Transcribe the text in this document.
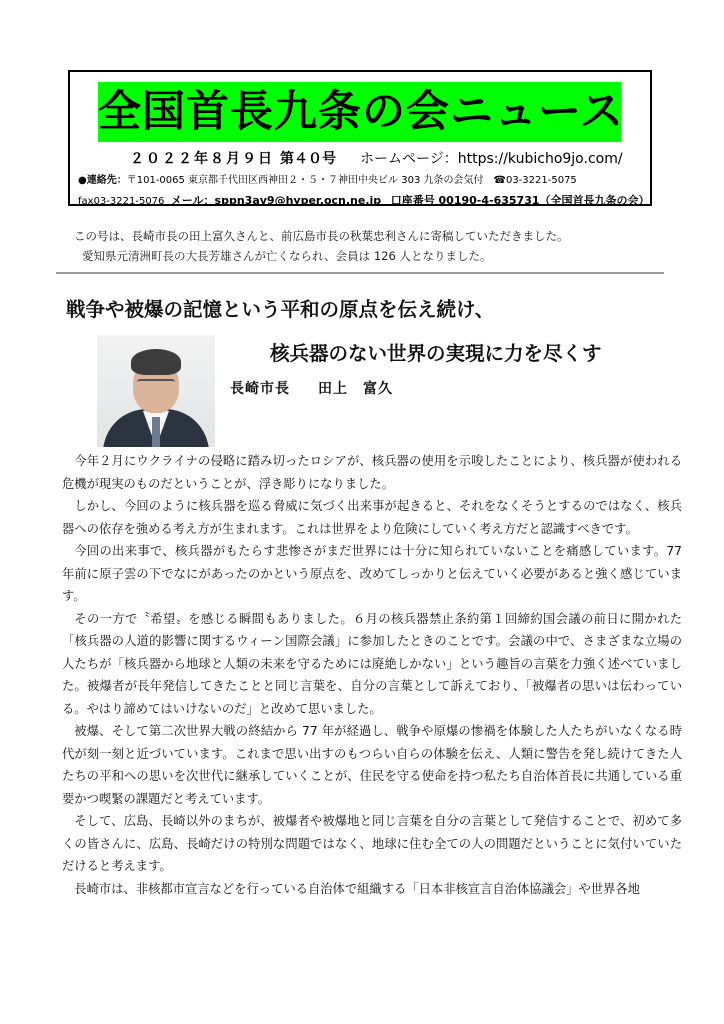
全国首長九条の会ニュース
２０２２年８月９日 第４０号 ホームページ：https://kubicho9jo.com/
●連絡先：〒101-0065 東京都千代田区西神田２・５・７神田中央ビル 303 九条の会気付　☎03-3221-5075
fax03-3221-5076 メール：sppn3av9@hyper.ocn.ne.jp 口座番号 00190-4-635731（全国首長九条の会）
この号は、長崎市長の田上富久さんと、前広島市長の秋葉忠利さんに寄稿していただきました。
愛知県元清洲町長の大長芳雄さんが亡くなられ、会員は 126 人となりました。
戦争や被爆の記憶という平和の原点を伝え続け、
核兵器のない世界の実現に力を尽くす
長崎市長 田上　富久

今年２月にウクライナの侵略に踏み切ったロシアが、核兵器の使用を示唆したことにより、核兵器が使われる危機が現実のものだということが、浮き彫りになりました。

しかし、今回のように核兵器を巡る脅威に気づく出来事が起きると、それをなくそうとするのではなく、核兵器への依存を強める考え方が生まれます。これは世界をより危険にしていく考え方だと認識すべきです。

今回の出来事で、核兵器がもたらす悲惨さがまだ世界には十分に知られていないことを痛感しています。77 年前に原子雲の下でなにがあったのかという原点を、改めてしっかりと伝えていく必要があると強く感じています。

その一方で〝希望〟を感じる瞬間もありました。６月の核兵器禁止条約第１回締約国会議の前日に開かれた「核兵器の人道的影響に関するウィーン国際会議」に参加したときのことです。会議の中で、さまざまな立場の人たちが「核兵器から地球と人類の未来を守るためには廃絶しかない」という趣旨の言葉を力強く述べていました。被爆者が長年発信してきたことと同じ言葉を、自分の言葉として訴えており、「被爆者の思いは伝わっている。やはり諦めてはいけないのだ」と改めて思いました。

被爆、そして第二次世界大戦の終結から 77 年が経過し、戦争や原爆の惨禍を体験した人たちがいなくなる時代が刻一刻と近づいています。これまで思い出すのもつらい自らの体験を伝え、人類に警告を発し続けてきた人たちの平和への思いを次世代に継承していくことが、住民を守る使命を持つ私たち自治体首長に共通している重要かつ喫緊の課題だと考えています。

そして、広島、長崎以外のまちが、被爆者や被爆地と同じ言葉を自分の言葉として発信することで、初めて多くの皆さんに、広島、長崎だけの特別な問題ではなく、地球に住む全ての人の問題だということに気付いていただけると考えます。

長崎市は、非核都市宣言などを行っている自治体で組織する「日本非核宣言自治体協議会」や世界各地
